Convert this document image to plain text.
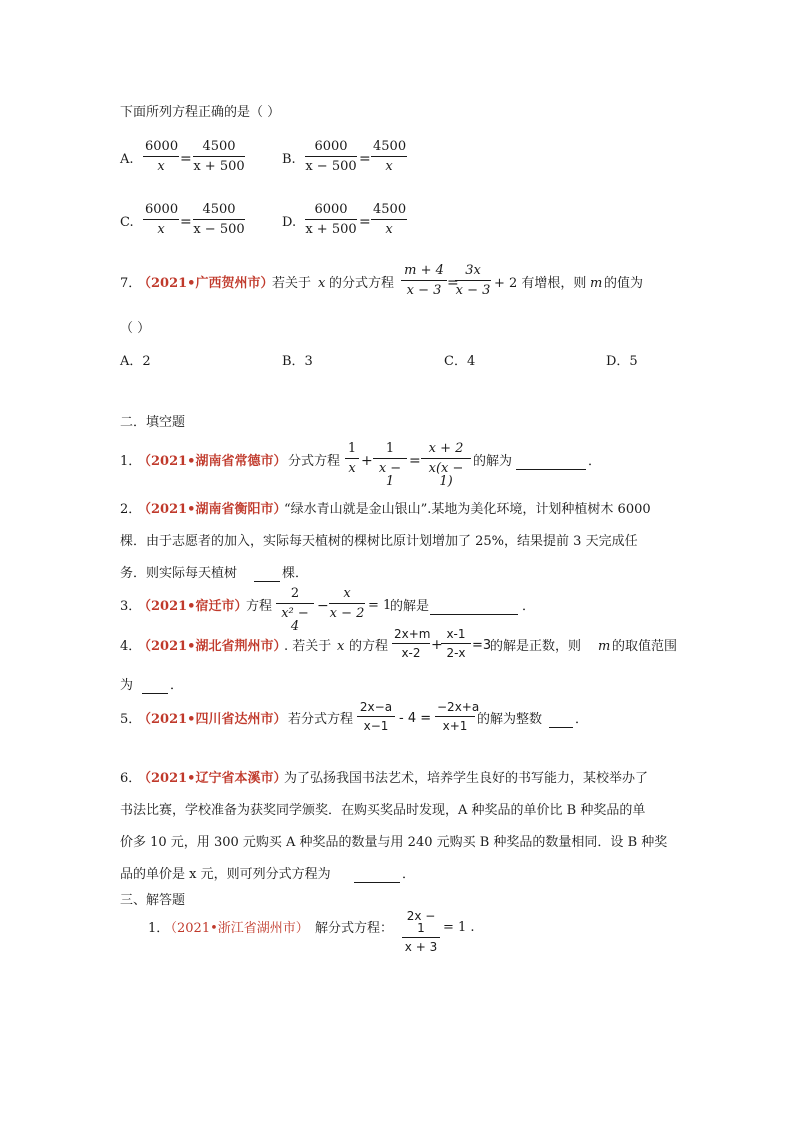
下面所列方程正确的是（ ）
A. $\frac{6000}{x} = \frac{4500}{x + 500}$	B. $\frac{6000}{x - 500} = \frac{4500}{x}$
C. $\frac{6000}{x} = \frac{4500}{x - 500}$	D. $\frac{6000}{x + 500} = \frac{4500}{x}$
7．
（2021•广西贺州市）
若关于 x 的分式方程 $\frac{m + 4}{x - 3}$ =
$\frac{3x}{x - 3} + 2$ 有增根，则 m 的值为
（ ）
A．2	B．3	C．4	D．5
二．填空题
1．
（2021•湖南省常德市） 分式方程 $\frac{1}{x} + \frac{1}{x - 1} = \frac{x + 2}{x(x - 1)}$ 的解为	．
2．
（2021•湖南省衡阳市）
“绿水青山就是金山银山”.某地为美化环境，计划种植树木 6000
棵．由于志愿者的加入，实际每天植树的棵树比原计划增加了 25%，结果提前 3 天完成任
务．则实际每天植树	棵．
3．
（2021•宿迁市）
方程 $\frac{2}{\text{x² − 4}} - \frac{x}{x - 2} = 1$
的解是	．
4．
（2021•湖北省荆州市）
. 若关于 x 的方程 $\frac{2x+m}{x-2}$ +
$\frac{x-1}{2-x} =3$
的解是正数，则 m 的取值范围
为	．
5．
（2021•四川省达州市） 若分式方程 $\frac{2x-a}{x-1} - 4 = \frac{-2x+a}{x+1}$ 的解为整数	．
6．
（2021•辽宁省本溪市）
为了弘扬我国书法艺术，培养学生良好的书写能力，某校举办了
书法比赛，学校准备为获奖同学颁奖．在购买奖品时发现，A 种奖品的单价比 B 种奖品的单
价多 10 元，用 300 元购买 A 种奖品的数量与用 240 元购买 B 种奖品的数量相同．设 B 种奖
品的单价是 x 元，则可列分式方程为	．
三、解答题
1．
（2021•浙江省湖州市） 解分式方程： $\frac{2x - 1}{x + 3} = 1$ .
